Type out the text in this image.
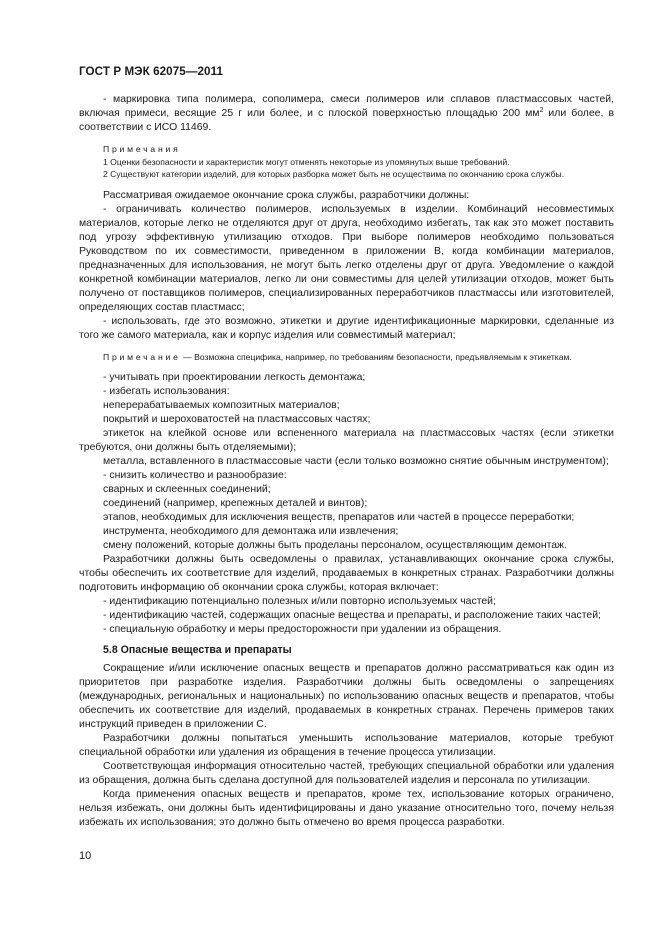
ГОСТ Р МЭК 62075—2011

- маркировка типа полимера, сополимера, смеси полимеров или сплавов пластмассовых частей, включая примеси, весящие 25 г или более, и с плоской поверхностью площадью 200 $мм^2$ или более, в соответствии с ИСО 11469.

Примечания

1 Оценки безопасности и характеристик могут отменять некоторые из упомянутых выше требований.

2 Существуют категории изделий, для которых разборка может быть не осуществима по окончанию срока службы.

Рассматривая ожидаемое окончание срока службы, разработчики должны:

- ограничивать количество полимеров, используемых в изделии. Комбинаций несовместимых материалов, которые легко не отделяются друг от друга, необходимо избегать, так как это может поставить под угрозу эффективную утилизацию отходов. При выборе полимеров необходимо пользоваться Руководством по их совместимости, приведенном в приложении В, когда комбинации материалов, предназначенных для использования, не могут быть легко отделены друг от друга. Уведомление о каждой конкретной комбинации материалов, легко ли они совместимы для целей утилизации отходов, может быть получено от поставщиков полимеров, специализированных переработчиков пластмассы или изготовителей, определяющих состав пластмасс;

- использовать, где это возможно, этикетки и другие идентификационные маркировки, сделанные из того же самого материала, как и корпус изделия или совместимый материал;

Примечание — Возможна специфика, например, по требованиям безопасности, предъявляемым к этикеткам.

- учитывать при проектировании легкость демонтажа;

- избегать использования:

неперерабатываемых композитных материалов;

покрытий и шероховатостей на пластмассовых частях;

этикеток на клейкой основе или вспененного материала на пластмассовых частях (если этикетки требуются, они должны быть отделяемыми);

металла, вставленного в пластмассовые части (если только возможно снятие обычным инструментом);

- снизить количество и разнообразие:

сварных и склеенных соединений;

соединений (например, крепежных деталей и винтов);

этапов, необходимых для исключения веществ, препаратов или частей в процессе переработки;

инструмента, необходимого для демонтажа или извлечения;

смену положений, которые должны быть проделаны персоналом, осуществляющим демонтаж.

Разработчики должны быть осведомлены о правилах, устанавливающих окончание срока службы, чтобы обеспечить их соответствие для изделий, продаваемых в конкретных странах. Разработчики должны подготовить информацию об окончании срока службы, которая включает:

- идентификацию потенциально полезных и/или повторно используемых частей;

- идентификацию частей, содержащих опасные вещества и препараты, и расположение таких частей;

- специальную обработку и меры предосторожности при удалении из обращения.

5.8 Опасные вещества и препараты

Сокращение и/или исключение опасных веществ и препаратов должно рассматриваться как один из приоритетов при разработке изделия. Разработчики должны быть осведомлены о запрещениях (международных, региональных и национальных) по использованию опасных веществ и препаратов, чтобы обеспечить их соответствие для изделий, продаваемых в конкретных странах. Перечень примеров таких инструкций приведен в приложении С.

Разработчики должны попытаться уменьшить использование материалов, которые требуют специальной обработки или удаления из обращения в течение процесса утилизации.

Соответствующая информация относительно частей, требующих специальной обработки или удаления из обращения, должна быть сделана доступной для пользователей изделия и персонала по утилизации.

Когда применения опасных веществ и препаратов, кроме тех, использование которых ограничено, нельзя избежать, они должны быть идентифицированы и дано указание относительно того, почему нельзя избежать их использования; это должно быть отмечено во время процесса разработки.

10
